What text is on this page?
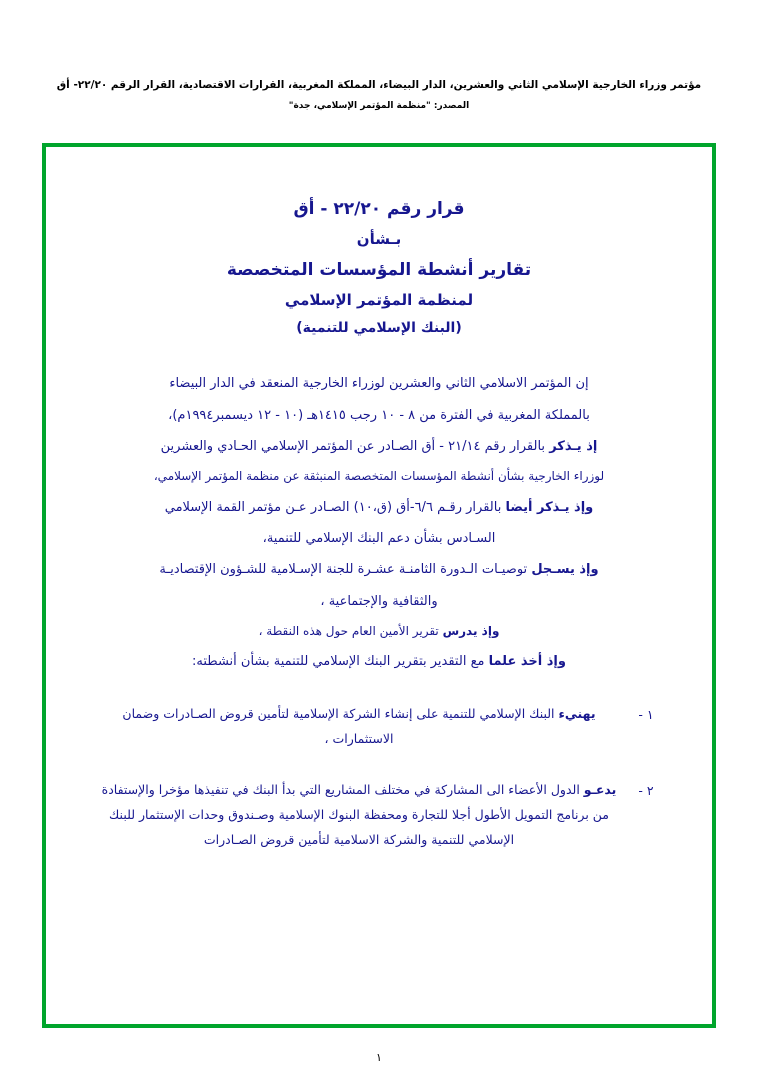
مؤتمر وزراء الخارجية الإسلامي الثاني والعشرين، الدار البيضاء، المملكة المغربية، القرارات الاقتصادية، القرار الرقم ٢٢/٢٠- أق
المصدر: "منظمة المؤتمر الإسلامي، جدة"
قرار رقم ٢٢/٢٠ - أق
بـشأن
تقارير أنشطة المؤسسات المتخصصة
لمنظمة المؤتمر الإسلامي
(البنك الإسلامي للتنمية)
إن المؤتمر الاسلامي الثاني والعشرين لوزراء الخارجية المنعقد في الدار البيضاء
بالمملكة المغربية في الفترة من ٨ - ١٠ رجب ١٤١٥هـ (١٠ - ١٢ ديسمبر١٩٩٤م)،
إذ يـذكر بالقرار رقم ٢١/١٤ - أق الصـادر عن المؤتمر الإسلامي الحـادي والعشرين
لوزراء الخارجية بشأن أنشطة المؤسسات المتخصصة المنبثقة عن منظمة المؤتمر الإسلامي،
وإذ يـذكر أيضا بالقرار رقـم ٦/٦-أق (ق،١٠) الصـادر عـن مؤتمر القمة الإسلامي
السـادس بشأن دعم البنك الإسلامي للتنمية،
وإذ يسـجل توصيـات الـدورة الثامنـة عشـرة للجنة الإسـلامية للشـؤون الإقتصاديـة
والثقافية والإجتماعية ،
وإذ يدرس تقرير الأمين العام حول هذه النقطة ،
وإذ أخذ علما مع التقدير بتقرير البنك الإسلامي للتنمية بشأن أنشطته:
١ -
يهنيء البنك الإسلامي للتنمية على إنشاء الشركة الإسلامية لتأمين قروض الصـادرات وضمان الاستثمارات ،
٢ -
يدعـو الدول الأعضاء الى المشاركة في مختلف المشاريع التي بدأ البنك في تنفيذها مؤخرا والإستفادة من برنامج التمويل الأطول أجلا للتجارة ومحفظة البنوك الإسلامية وصـندوق وحدات الإستثمار للبنك الإسلامي للتنمية والشركة الاسلامية لتأمين قروض الصـادرات
١
